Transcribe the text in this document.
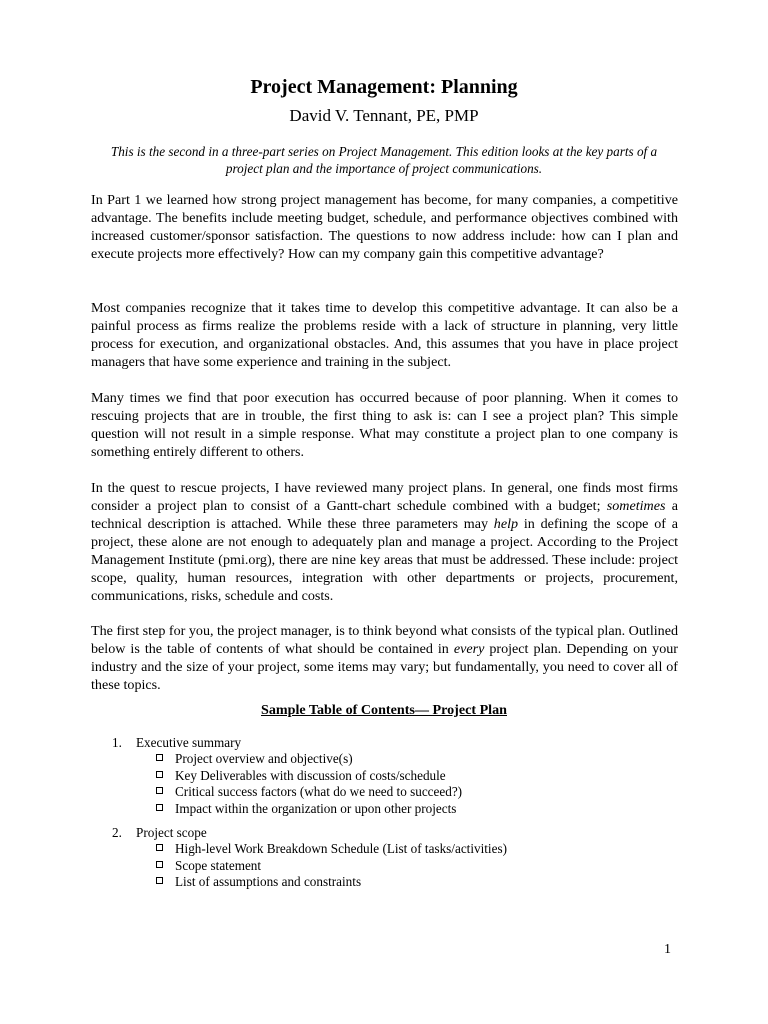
Project Management: Planning
David V. Tennant, PE, PMP
This is the second in a three-part series on Project Management. This edition looks at the key parts of a project plan and the importance of project communications.

In Part 1 we learned how strong project management has become, for many companies, a competitive advantage. The benefits include meeting budget, schedule, and performance objectives combined with increased customer/sponsor satisfaction. The questions to now address include: how can I plan and execute projects more effectively? How can my company gain this competitive advantage?

Most companies recognize that it takes time to develop this competitive advantage. It can also be a painful process as firms realize the problems reside with a lack of structure in planning, very little process for execution, and organizational obstacles. And, this assumes that you have in place project managers that have some experience and training in the subject.

Many times we find that poor execution has occurred because of poor planning. When it comes to rescuing projects that are in trouble, the first thing to ask is: can I see a project plan? This simple question will not result in a simple response. What may constitute a project plan to one company is something entirely different to others.

In the quest to rescue projects, I have reviewed many project plans. In general, one finds most firms consider a project plan to consist of a Gantt-chart schedule combined with a budget; sometimes a technical description is attached. While these three parameters may help in defining the scope of a project, these alone are not enough to adequately plan and manage a project. According to the Project Management Institute (pmi.org), there are nine key areas that must be addressed. These include: project scope, quality, human resources, integration with other departments or projects, procurement, communications, risks, schedule and costs.

The first step for you, the project manager, is to think beyond what consists of the typical plan. Outlined below is the table of contents of what should be contained in every project plan. Depending on your industry and the size of your project, some items may vary; but fundamentally, you need to cover all of these topics.

Sample Table of Contents— Project Plan
1. Executive summary
Project overview and objective(s)
Key Deliverables with discussion of costs/schedule
Critical success factors (what do we need to succeed?)
Impact within the organization or upon other projects
2. Project scope
High-level Work Breakdown Schedule (List of tasks/activities)
Scope statement
List of assumptions and constraints
1
